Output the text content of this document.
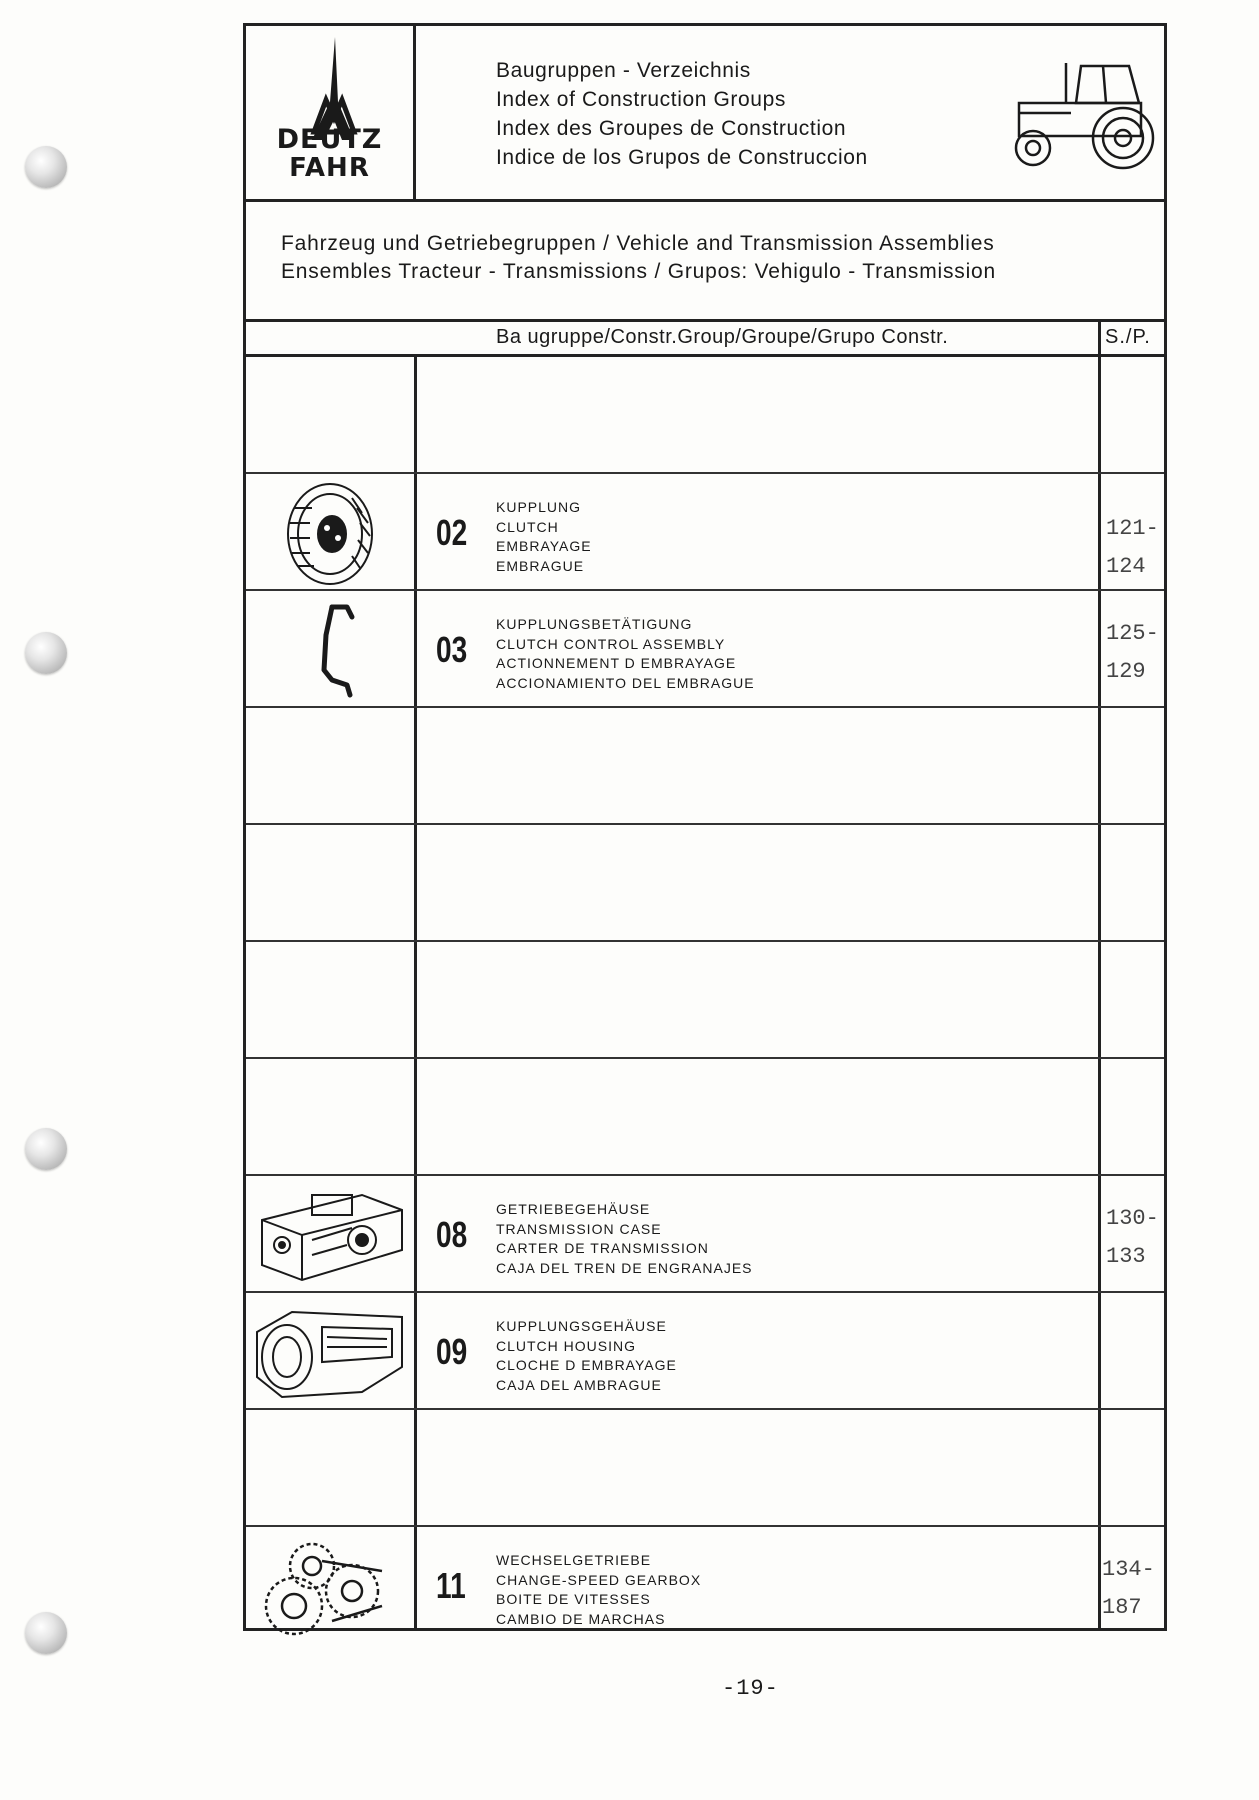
DEUTZ
FAHR
Baugruppen - Verzeichnis
Index of Construction Groups
Index des Groupes de Construction
Indice de los Grupos de Construccion
Fahrzeug und Getriebegruppen / Vehicle and Transmission Assemblies
Ensembles Tracteur - Transmissions / Grupos: Vehigulo - Transmission
Ba ugruppe/Constr.Group/Groupe/Grupo Constr.	S./P.
02
KUPPLUNG
CLUTCH
EMBRAYAGE
EMBRAGUE
121-
124
03
KUPPLUNGSBETÄTIGUNG
CLUTCH CONTROL ASSEMBLY
ACTIONNEMENT D EMBRAYAGE
ACCIONAMIENTO DEL EMBRAGUE
125-
129
08
GETRIEBEGEHÄUSE
TRANSMISSION CASE
CARTER DE TRANSMISSION
CAJA DEL TREN DE ENGRANAJES
130-
133
09
KUPPLUNGSGEHÄUSE
CLUTCH HOUSING
CLOCHE D EMBRAYAGE
CAJA DEL AMBRAGUE
11
WECHSELGETRIEBE
CHANGE-SPEED GEARBOX
BOITE DE VITESSES
CAMBIO DE MARCHAS
134-
187
-19-
